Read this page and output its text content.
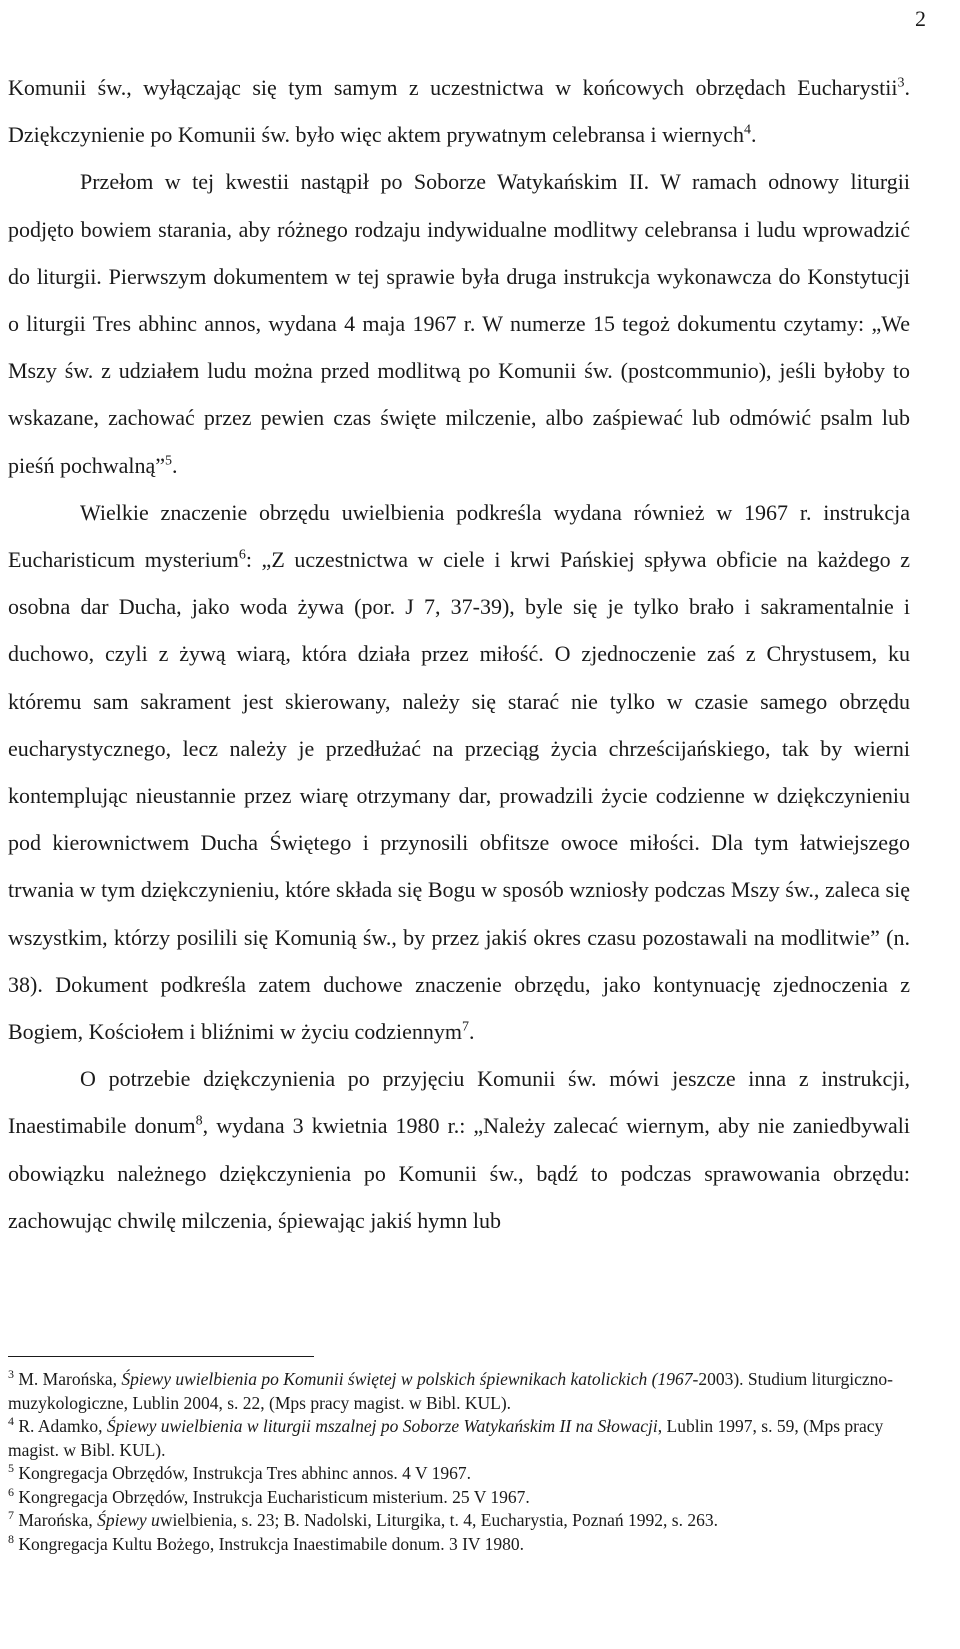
2

Komunii św., wyłączając się tym samym z uczestnictwa w końcowych obrzędach Eucharystii$^3$. Dziękczynienie po Komunii św. było więc aktem prywatnym celebransa i wiernych$^4$.

Przełom w tej kwestii nastąpił po Soborze Watykańskim II. W ramach odnowy liturgii podjęto bowiem starania, aby różnego rodzaju indywidualne modlitwy celebransa i ludu wprowadzić do liturgii. Pierwszym dokumentem w tej sprawie była druga instrukcja wykonawcza do Konstytucji o liturgii Tres abhinc annos, wydana 4 maja 1967 r. W numerze 15 tegoż dokumentu czytamy: „We Mszy św. z udziałem ludu można przed modlitwą po Komunii św. (postcommunio), jeśli byłoby to wskazane, zachować przez pewien czas święte milczenie, albo zaśpiewać lub odmówić psalm lub pieśń pochwalną”$^5$.

Wielkie znaczenie obrzędu uwielbienia podkreśla wydana również w 1967 r. instrukcja Eucharisticum mysterium$^6$: „Z uczestnictwa w ciele i krwi Pańskiej spływa obficie na każdego z osobna dar Ducha, jako woda żywa (por. J 7, 37-39), byle się je tylko brało i sakramentalnie i duchowo, czyli z żywą wiarą, która działa przez miłość. O zjednoczenie zaś z Chrystusem, ku któremu sam sakrament jest skierowany, należy się starać nie tylko w czasie samego obrzędu eucharystycznego, lecz należy je przedłużać na przeciąg życia chrześcijańskiego, tak by wierni kontemplując nieustannie przez wiarę otrzymany dar, prowadzili życie codzienne w dziękczynieniu pod kierownictwem Ducha Świętego i przynosili obfitsze owoce miłości. Dla tym łatwiejszego trwania w tym dziękczynieniu, które składa się Bogu w sposób wzniosły podczas Mszy św., zaleca się wszystkim, którzy posilili się Komunią św., by przez jakiś okres czasu pozostawali na modlitwie” (n. 38). Dokument podkreśla zatem duchowe znaczenie obrzędu, jako kontynuację zjednoczenia z Bogiem, Kościołem i bliźnimi w życiu codziennym$^7$.

O potrzebie dziękczynienia po przyjęciu Komunii św. mówi jeszcze inna z instrukcji, Inaestimabile donum$^8$, wydana 3 kwietnia 1980 r.: „Należy zalecać wiernym, aby nie zaniedbywali obowiązku należnego dziękczynienia po Komunii św., bądź to podczas sprawowania obrzędu: zachowując chwilę milczenia, śpiewając jakiś hymn lub

$^3$ M. Marońska, Śpiewy uwielbienia po Komunii świętej w polskich śpiewnikach katolickich (1967-2003). Studium liturgiczno-muzykologiczne, Lublin 2004, s. 22, (Mps pracy magist. w Bibl. KUL).

$^4$ R. Adamko, Śpiewy uwielbienia w liturgii mszalnej po Soborze Watykańskim II na Słowacji, Lublin 1997, s. 59, (Mps pracy magist. w Bibl. KUL).

$^5$ Kongregacja Obrzędów, Instrukcja Tres abhinc annos. 4 V 1967.

$^6$ Kongregacja Obrzędów, Instrukcja Eucharisticum misterium. 25 V 1967.

$^7$ Marońska, Śpiewy uwielbienia, s. 23; B. Nadolski, Liturgika, t. 4, Eucharystia, Poznań 1992, s. 263.

$^8$ Kongregacja Kultu Bożego, Instrukcja Inaestimabile donum. 3 IV 1980.
